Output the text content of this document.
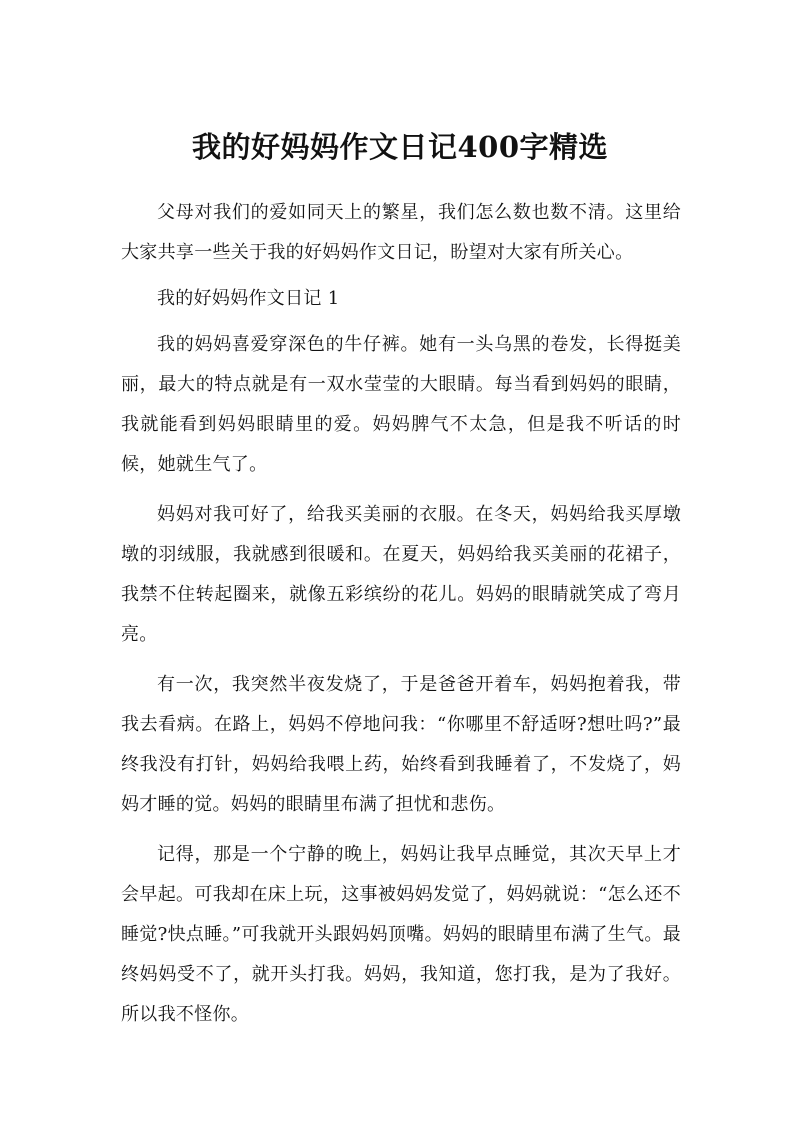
我的好妈妈作文日记400字精选

父母对我们的爱如同天上的繁星，我们怎么数也数不清。这里给大家共享一些关于我的好妈妈作文日记，盼望对大家有所关心。

我的好妈妈作文日记 1

我的妈妈喜爱穿深色的牛仔裤。她有一头乌黑的卷发，长得挺美丽，最大的特点就是有一双水莹莹的大眼睛。每当看到妈妈的眼睛，我就能看到妈妈眼睛里的爱。妈妈脾气不太急，但是我不听话的时候，她就生气了。

妈妈对我可好了，给我买美丽的衣服。在冬天，妈妈给我买厚墩墩的羽绒服，我就感到很暖和。在夏天，妈妈给我买美丽的花裙子，我禁不住转起圈来，就像五彩缤纷的花儿。妈妈的眼睛就笑成了弯月亮。

有一次，我突然半夜发烧了，于是爸爸开着车，妈妈抱着我，带我去看病。在路上，妈妈不停地问我：“你哪里不舒适呀?想吐吗?”最终我没有打针，妈妈给我喂上药，始终看到我睡着了，不发烧了，妈妈才睡的觉。妈妈的眼睛里布满了担忧和悲伤。

记得，那是一个宁静的晚上，妈妈让我早点睡觉，其次天早上才会早起。可我却在床上玩，这事被妈妈发觉了，妈妈就说：“怎么还不睡觉?快点睡。”可我就开头跟妈妈顶嘴。妈妈的眼睛里布满了生气。最终妈妈受不了，就开头打我。妈妈，我知道，您打我，是为了我好。所以我不怪你。
